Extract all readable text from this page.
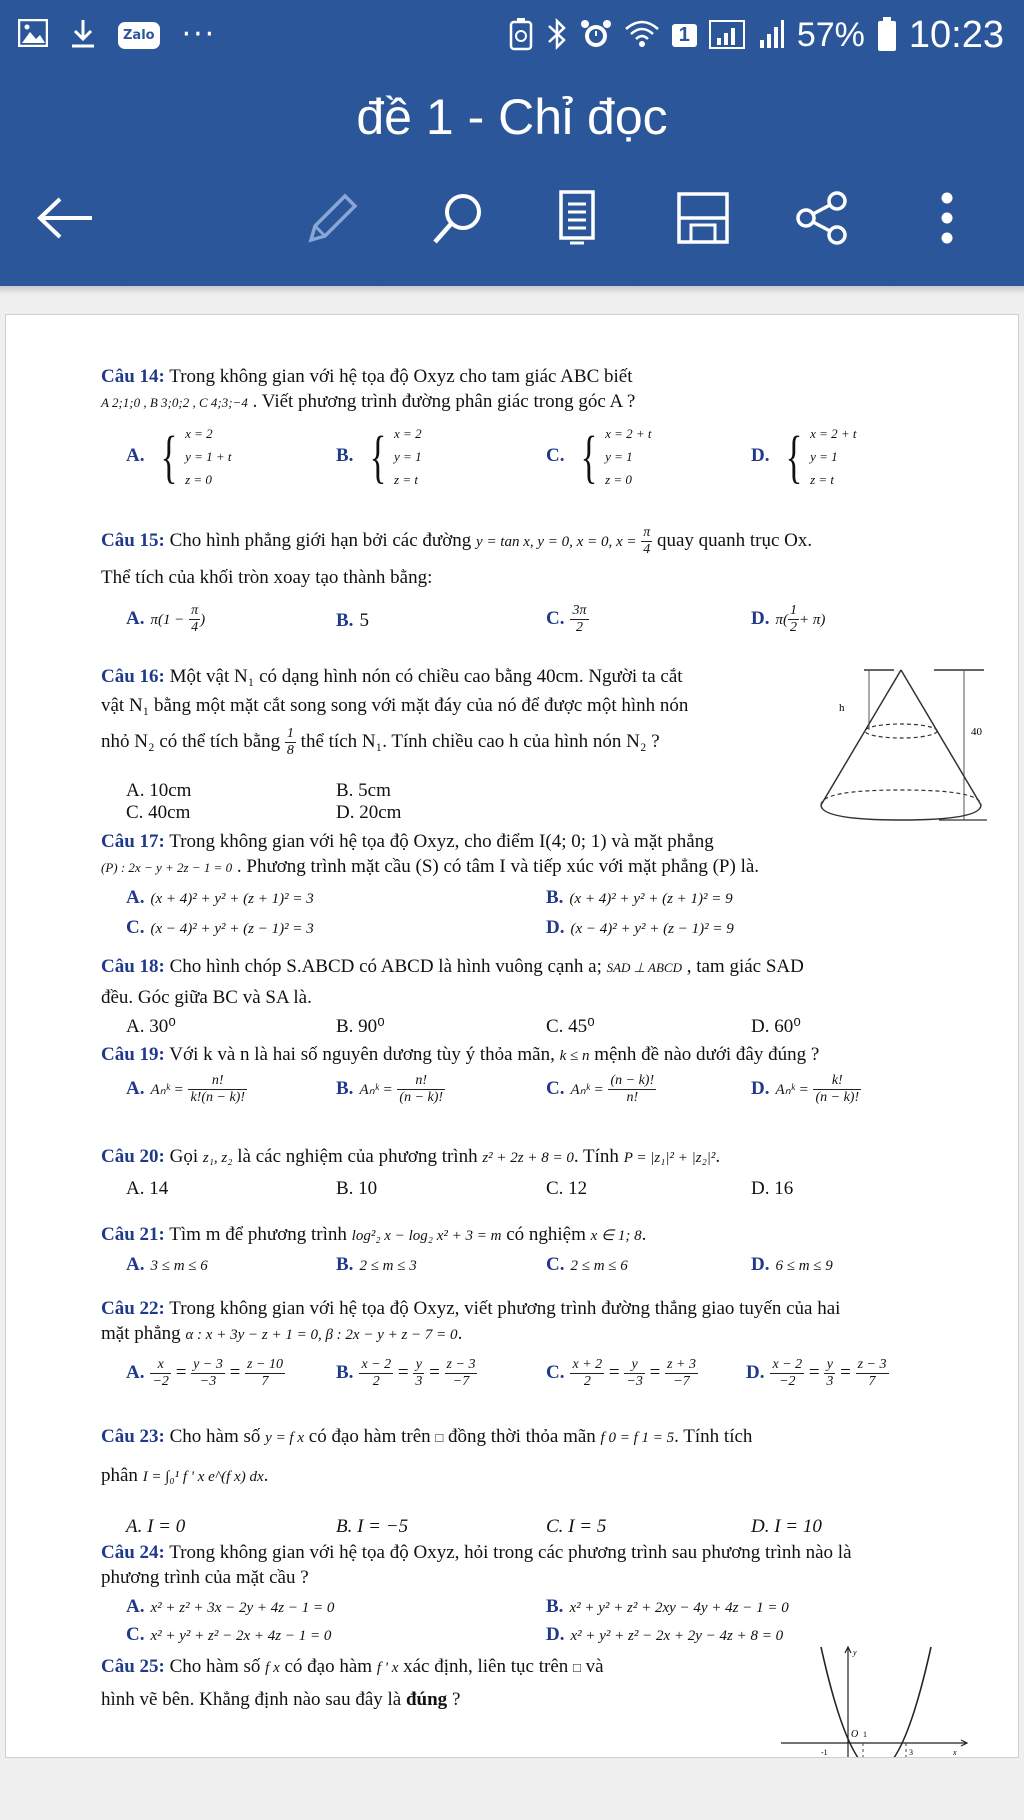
Zalo ···	1	57% 10:23
đề 1 - Chỉ đọc
Câu 14: Trong không gian với hệ tọa độ Oxyz cho tam giác ABC biết
A 2;1;0 , B 3;0;2 , C 4;3;−4 . Viết phương trình đường phân giác trong góc A ?
A. { x = 2
y = 1 + t
z = 0
B. { x = 2
y = 1
z = t
C. { x = 2 + t
y = 1
z = 0
D. { x = 2 + t
y = 1
z = t
Câu 15: Cho hình phẳng giới hạn bởi các đường y = tan x, y = 0, x = 0, $x = \frac{\pi}{4}$ quay quanh trục Ox.
Thể tích của khối tròn xoay tạo thành bằng:
A. $\pi(1 - \frac{\pi}{4}$ )	B. 5	C. $\frac{3\pi}{2}$	D. $\pi( \frac{1}{2} + \pi)$
Câu 16: Một vật N₁ có dạng hình nón có chiều cao bằng 40cm. Người ta cắt
vật N₁ bằng một mặt cắt song song với mặt đáy của nó để được một hình nón
nhỏ N₂ có thể tích bằng $\frac{1}{8}$ thể tích N₁. Tính chiều cao h của hình nón N₂ ?
A. 10cm	B. 5cm
C. 40cm	D. 20cm
h
40
Câu 17: Trong không gian với hệ tọa độ Oxyz, cho điểm I(4; 0; 1) và mặt phẳng
(P) : 2x − y + 2z − 1 = 0 . Phương trình mặt cầu (S) có tâm I và tiếp xúc với mặt phẳng (P) là.
A. (x + 4)² + y² + (z + 1)² = 3	B. (x + 4)² + y² + (z + 1)² = 9
C. (x − 4)² + y² + (z − 1)² = 3	D. (x − 4)² + y² + (z − 1)² = 9
Câu 18: Cho hình chóp S.ABCD có ABCD là hình vuông cạnh a; SAD ⊥ ABCD , tam giác SAD
đều. Góc giữa BC và SA là.
A. 30⁰	B. 90⁰	C. 45⁰	D. 60⁰
Câu 19: Với k và n là hai số nguyên dương tùy ý thỏa mãn, k ≤ n mệnh đề nào dưới đây đúng ?
A. Aₙᵏ = $\frac{n!}{k!(n - k)!}$	B. Aₙᵏ = $\frac{n!}{(n - k)!}$	C. Aₙᵏ = $\frac{(n - k)!}{n!}$	D. Aₙᵏ = $\frac{k!}{(n - k)!}$
Câu 20: Gọi z₁, z₂ là các nghiệm của phương trình z² + 2z + 8 = 0. Tính P = |z₁|² + |z₂|².
A. 14	B. 10	C. 12	D. 16
Câu 21: Tìm m để phương trình log²₂ x − log₂ x² + 3 = m có nghiệm x ∈ 1; 8.
A. 3 ≤ m ≤ 6	B. 2 ≤ m ≤ 3	C. 2 ≤ m ≤ 6	D. 6 ≤ m ≤ 9
Câu 22: Trong không gian với hệ tọa độ Oxyz, viết phương trình đường thẳng giao tuyến của hai
mặt phẳng α : x + 3y − z + 1 = 0, β : 2x − y + z − 7 = 0.
A. $\frac{x}{-2} = \frac{y - 3}{-3} = \frac{z - 10}{7}$	B. $\frac{x - 2}{2} = \frac{y}{3} = \frac{z - 3}{-7}$	C. $\frac{x + 2}{2} = \frac{y}{-3} = \frac{z + 3}{-7}$	D. $\frac{x - 2}{-2} = \frac{y}{3} = \frac{z - 3}{7}$
Câu 23: Cho hàm số y = f x có đạo hàm trên □ đồng thời thỏa mãn f 0 = f 1 = 5. Tính tích
phân I = ∫₀¹ f ' x e^(f x) dx.
A. I = 0	B. I = −5	C. I = 5	D. I = 10
Câu 24: Trong không gian với hệ tọa độ Oxyz, hỏi trong các phương trình sau phương trình nào là
phương trình của mặt cầu ?
A. x² + z² + 3x − 2y + 4z − 1 = 0	B. x² + y² + z² + 2xy − 4y + 4z − 1 = 0
C. x² + y² + z² − 2x + 4z − 1 = 0	D. x² + y² + z² − 2x + 2y − 4z + 8 = 0
Câu 25: Cho hàm số f x có đạo hàm f ' x xác định, liên tục trên □ và
hình vẽ bên. Khẳng định nào sau đây là đúng ?
y
O
-1
1
3	x
